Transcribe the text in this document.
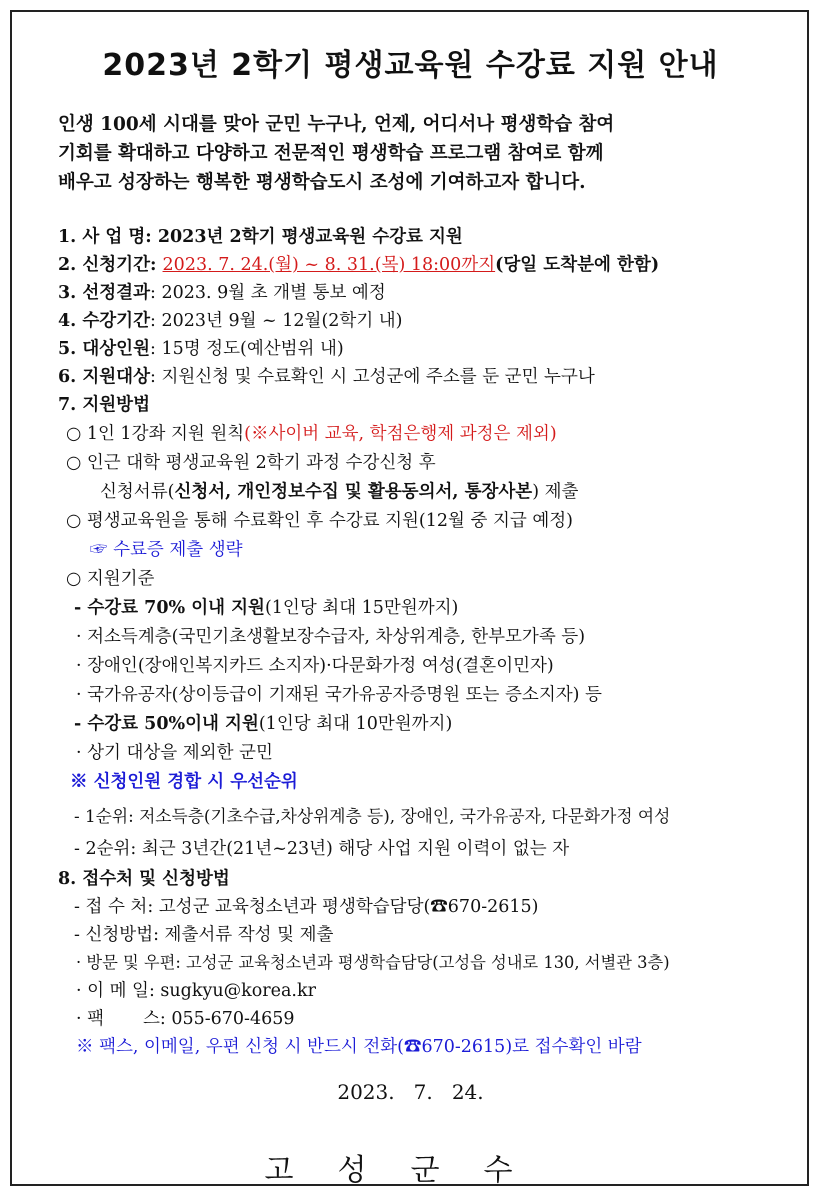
2023년 2학기 평생교육원 수강료 지원 안내
인생 100세 시대를 맞아 군민 누구나, 언제, 어디서나 평생학습 참여
기회를 확대하고 다양하고 전문적인 평생학습 프로그램 참여로 함께
배우고 성장하는 행복한 평생학습도시 조성에 기여하고자 합니다.
1. 사 업 명: 2023년 2학기 평생교육원 수강료 지원
2. 신청기간: 2023. 7. 24.(월) ~ 8. 31.(목) 18:00까지(당일 도착분에 한함)
3. 선정결과: 2023. 9월 초 개별 통보 예정
4. 수강기간: 2023년 9월 ~ 12월(2학기 내)
5. 대상인원: 15명 정도(예산범위 내)
6. 지원대상: 지원신청 및 수료확인 시 고성군에 주소를 둔 군민 누구나
7. 지원방법
○ 1인 1강좌 지원 원칙(※사이버 교육, 학점은행제 과정은 제외)
○ 인근 대학 평생교육원 2학기 과정 수강신청 후
신청서류(신청서, 개인정보수집 및 활용동의서, 통장사본) 제출
○ 평생교육원을 통해 수료확인 후 수강료 지원(12월 중 지급 예정)
☞ 수료증 제출 생략
○ 지원기준
- 수강료 70% 이내 지원(1인당 최대 15만원까지)
· 저소득계층(국민기초생활보장수급자, 차상위계층, 한부모가족 등)
· 장애인(장애인복지카드 소지자)·다문화가정 여성(결혼이민자)
· 국가유공자(상이등급이 기재된 국가유공자증명원 또는 증소지자) 등
- 수강료 50%이내 지원(1인당 최대 10만원까지)
· 상기 대상을 제외한 군민
※ 신청인원 경합 시 우선순위
- 1순위: 저소득층(기초수급,차상위계층 등), 장애인, 국가유공자, 다문화가정 여성
- 2순위: 최근 3년간(21년~23년) 해당 사업 지원 이력이 없는 자
8. 접수처 및 신청방법
- 접 수 처: 고성군 교육청소년과 평생학습담당(☎670-2615)
- 신청방법: 제출서류 작성 및 제출
· 방문 및 우편: 고성군 교육청소년과 평생학습담당(고성읍 성내로 130, 서별관 3층)
· 이 메 일: sugkyu@korea.kr
· 팩       스: 055-670-4659
※ 팩스, 이메일, 우편 신청 시 반드시 전화(☎670-2615)로 접수확인 바람
2023.   7.   24.
고성군수
